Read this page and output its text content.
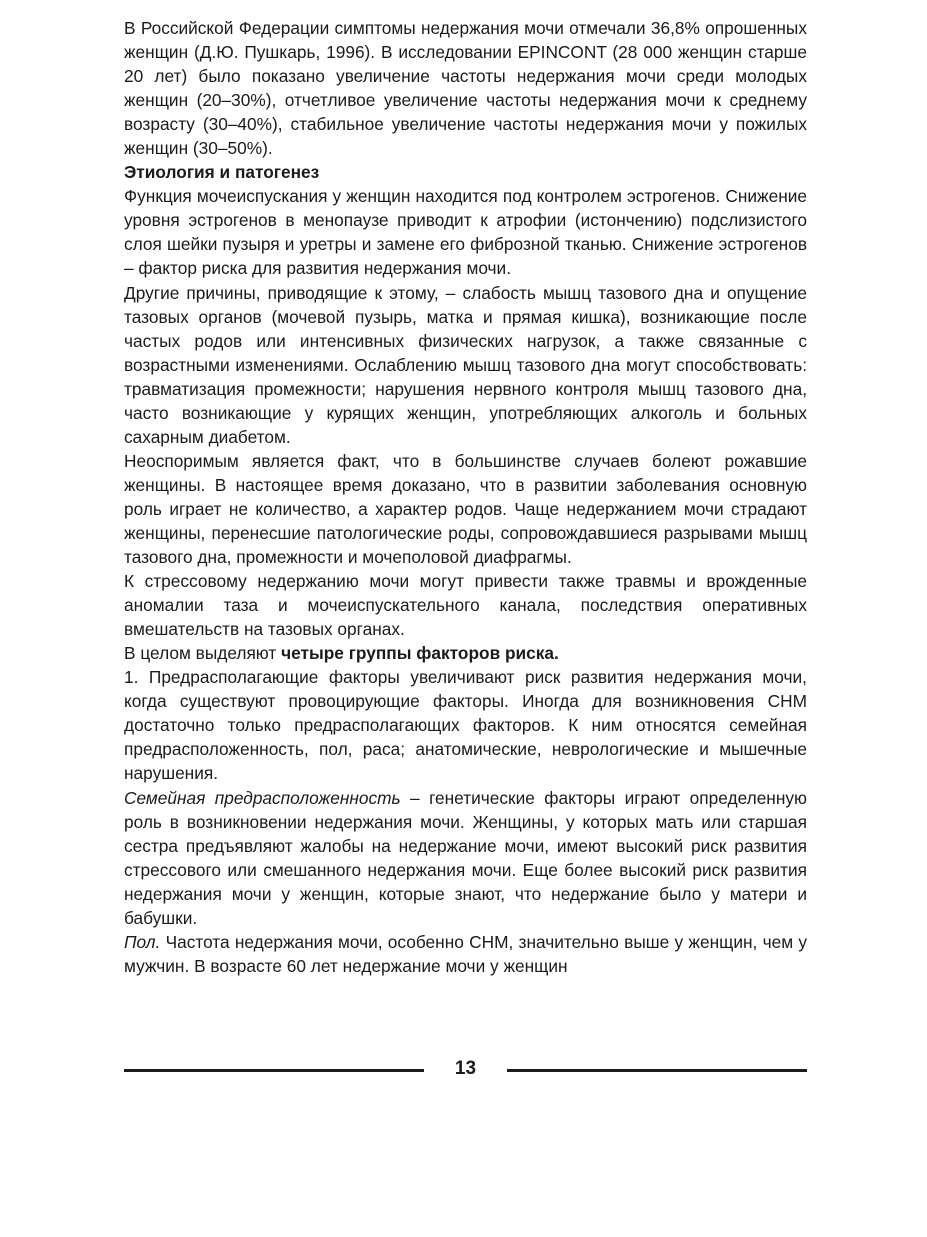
В Российской Федерации симптомы недержания мочи отмечали 36,8% опрошенных женщин (Д.Ю. Пушкарь, 1996). В исследовании EPINCONT (28 000 женщин старше 20 лет) было показано увеличение частоты недержания мочи среди молодых женщин (20–30%), отчетливое увеличение частоты недержания мочи к среднему возрасту (30–40%), стабильное увеличение частоты недержания мочи у пожилых женщин (30–50%).

Этиология и патогенез

Функция мочеиспускания у женщин находится под контролем эстрогенов. Снижение уровня эстрогенов в менопаузе приводит к атрофии (истончению) подслизистого слоя шейки пузыря и уретры и замене его фиброзной тканью. Снижение эстрогенов – фактор риска для развития недержания мочи.

Другие причины, приводящие к этому, – слабость мышц тазового дна и опущение тазовых органов (мочевой пузырь, матка и прямая кишка), возникающие после частых родов или интенсивных физических нагрузок, а также связанные с возрастными изменениями. Ослаблению мышц тазового дна могут способствовать: травматизация промежности; нарушения нервного контроля мышц тазового дна, часто возникающие у курящих женщин, употребляющих алкоголь и больных сахарным диабетом.

Неоспоримым является факт, что в большинстве случаев болеют рожавшие женщины. В настоящее время доказано, что в развитии заболевания основную роль играет не количество, а характер родов. Чаще недержанием мочи страдают женщины, перенесшие патологические роды, сопровождавшиеся разрывами мышц тазового дна, промежности и мочеполовой диафрагмы.

К стрессовому недержанию мочи могут привести также травмы и врожденные аномалии таза и мочеиспускательного канала, последствия оперативных вмешательств на тазовых органах.

В целом выделяют четыре группы факторов риска.

1. Предрасполагающие факторы увеличивают риск развития недержания мочи, когда существуют провоцирующие факторы. Иногда для возникновения СНМ достаточно только предрасполагающих факторов. К ним относятся семейная предрасположенность, пол, раса; анатомические, неврологические и мышечные нарушения.

Семейная предрасположенность – генетические факторы играют определенную роль в возникновении недержания мочи. Женщины, у которых мать или старшая сестра предъявляют жалобы на недержание мочи, имеют высокий риск развития стрессового или смешанного недержания мочи. Еще более высокий риск развития недержания мочи у женщин, которые знают, что недержание было у матери и бабушки.

Пол. Частота недержания мочи, особенно СНМ, значительно выше у женщин, чем у мужчин. В возрасте 60 лет недержание мочи у женщин

13
